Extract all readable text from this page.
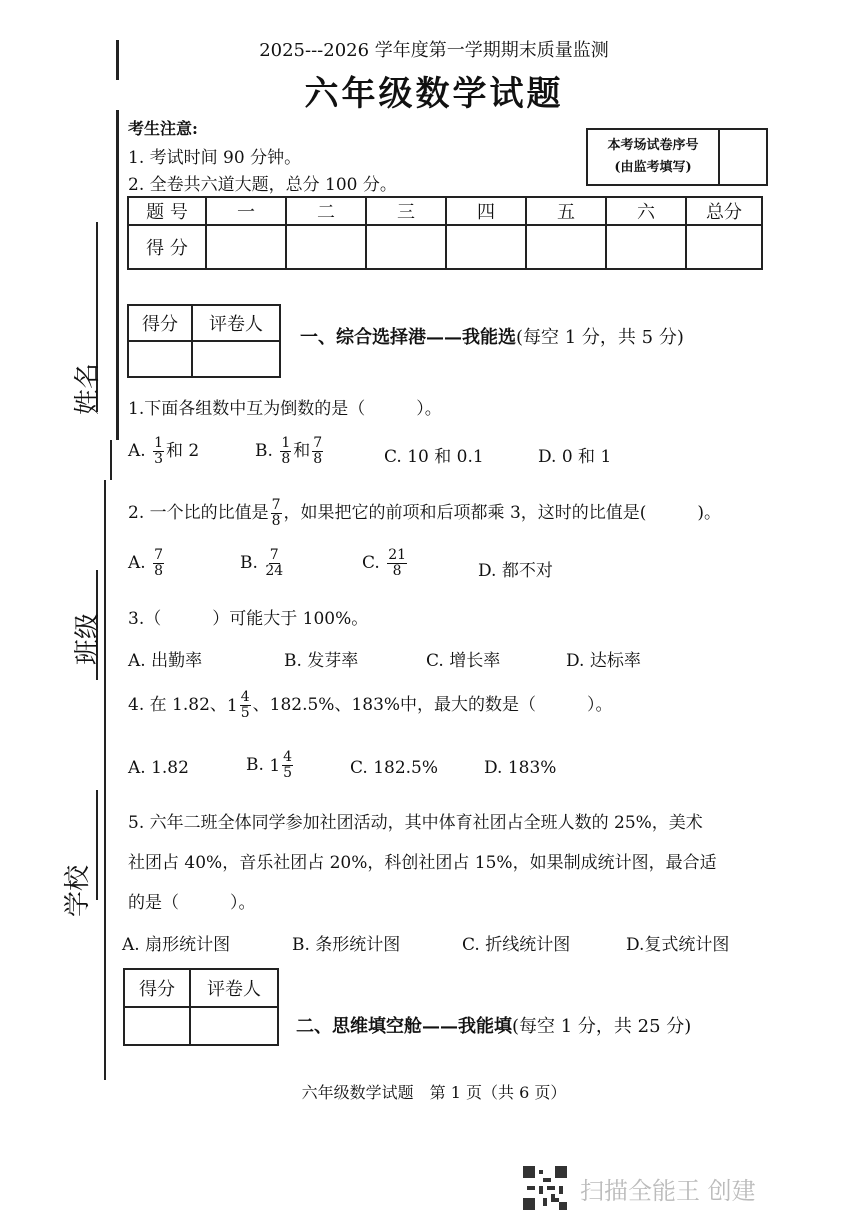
姓名
班级
学校
2025---2026 学年度第一学期期末质量监测
六年级数学试题
考生注意:
1. 考试时间 90 分钟。
2. 全卷共六道大题，总分 100 分。
本考场试卷序号
(由监考填写)

题 号	一	二	三	四	五	六	总分
得 分							
得分	评卷人

一、综合选择港——我能选(每空 1 分，共 5 分)
1.下面各组数中互为倒数的是（　　　）。
A. $\frac{1}{3}$ 和 2	B. $\frac{1}{8}$ 和 $\frac{7}{8}$	C. 10 和 0.1	D. 0 和 1
2. 一个比的比值是 $\frac{7}{8}$ ，如果把它的前项和后项都乘 3，这时的比值是(　　　)。
A. $\frac{7}{8}$	B. $\frac{7}{24}$	C. $\frac{21}{8}$	D. 都不对
3.（　　　）可能大于 100%。
A. 出勤率	B. 发芽率	C. 增长率	D. 达标率
4. 在 1.82、 $1 \frac{4}{5}$ 、182.5%、183%中，最大的数是（　　　）。
A. 1.82	B. $1 \frac{4}{5}$	C. 182.5%	D. 183%
5. 六年二班全体同学参加社团活动，其中体育社团占全班人数的 25%，美术
社团占 40%，音乐社团占 20%，科创社团占 15%，如果制成统计图，最合适
的是（　　　）。
A. 扇形统计图	B. 条形统计图	C. 折线统计图	D.复式统计图
得分	评卷人

二、思维填空舱——我能填(每空 1 分，共 25 分)
六年级数学试题　第 1 页（共 6 页）
扫描全能王 创建
